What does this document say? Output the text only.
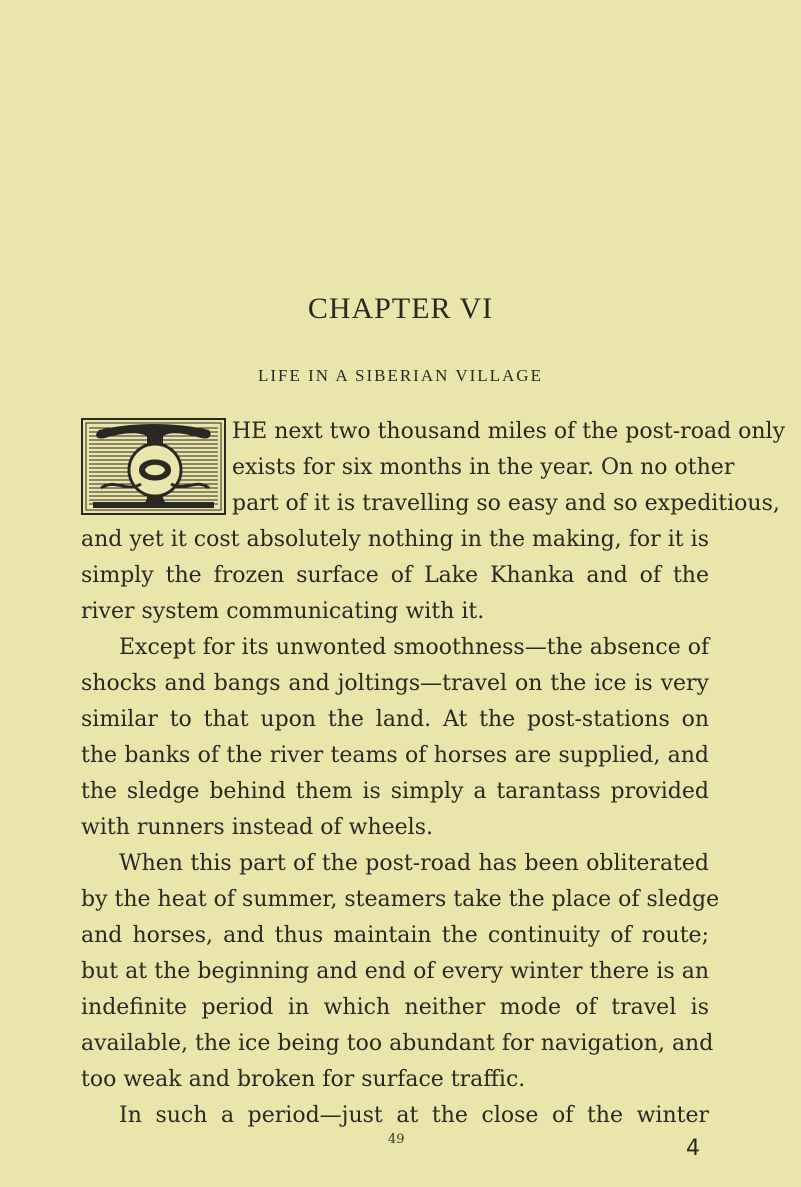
CHAPTER VI
LIFE IN A SIBERIAN VILLAGE
HE next two thousand miles of the post-road only
exists for six months in the year. On no other
part of it is travelling so easy and so expeditious,
and yet it cost absolutely nothing in the making, for it is
simply the frozen surface of Lake Khanka and of the
river system communicating with it.
Except for its unwonted smoothness—the absence of
shocks and bangs and joltings—travel on the ice is very
similar to that upon the land. At the post-stations on
the banks of the river teams of horses are supplied, and
the sledge behind them is simply a tarantass provided
with runners instead of wheels.
When this part of the post-road has been obliterated
by the heat of summer, steamers take the place of sledge
and horses, and thus maintain the continuity of route;
but at the beginning and end of every winter there is an
indefinite period in which neither mode of travel is
available, the ice being too abundant for navigation, and
too weak and broken for surface traffic.
In such a period—just at the close of the winter
49	4
